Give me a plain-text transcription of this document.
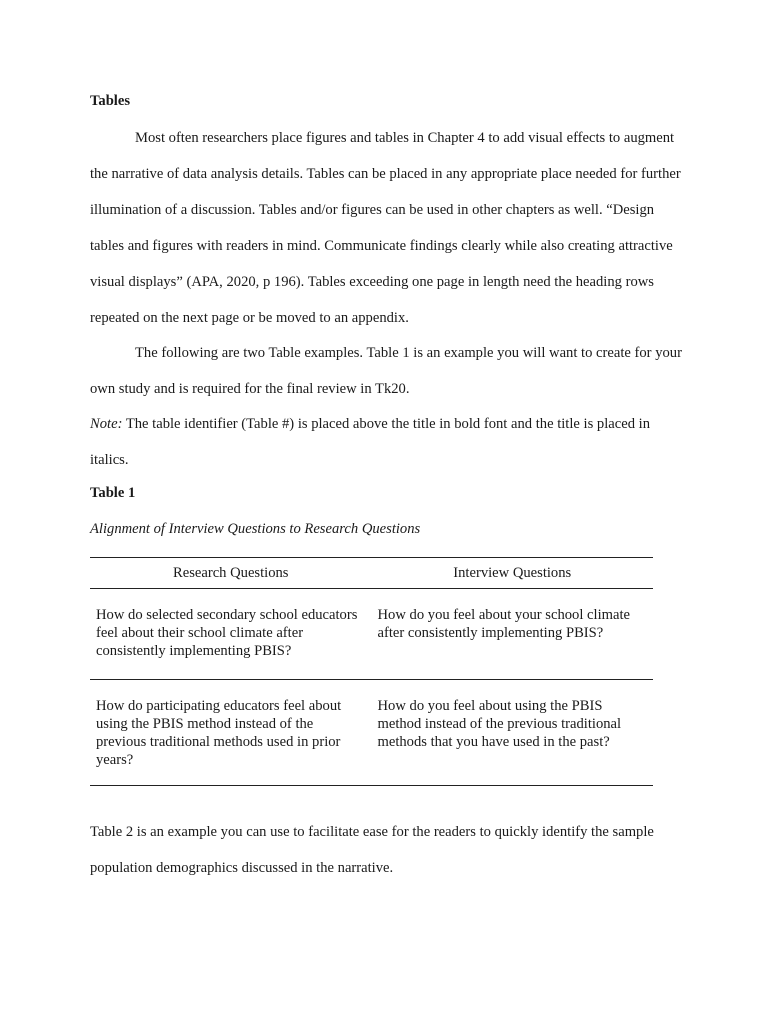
Tables

Most often researchers place figures and tables in Chapter 4 to add visual effects to augment the narrative of data analysis details. Tables can be placed in any appropriate place needed for further illumination of a discussion. Tables and/or figures can be used in other chapters as well. “Design tables and figures with readers in mind. Communicate findings clearly while also creating attractive visual displays” (APA, 2020, p 196). Tables exceeding one page in length need the heading rows repeated on the next page or be moved to an appendix.

The following are two Table examples. Table 1 is an example you will want to create for your own study and is required for the final review in Tk20.

Note: The table identifier (Table #) is placed above the title in bold font and the title is placed in italics.

Table 1

Alignment of Interview Questions to Research Questions

Research Questions	Interview Questions
How do selected secondary school educators feel about their school climate after consistently implementing PBIS?	How do you feel about your school climate after consistently implementing PBIS?
How do participating educators feel about using the PBIS method instead of the previous traditional methods used in prior years?	How do you feel about using the PBIS method instead of the previous traditional methods that you have used in the past?

Table 2 is an example you can use to facilitate ease for the readers to quickly identify the sample population demographics discussed in the narrative.
